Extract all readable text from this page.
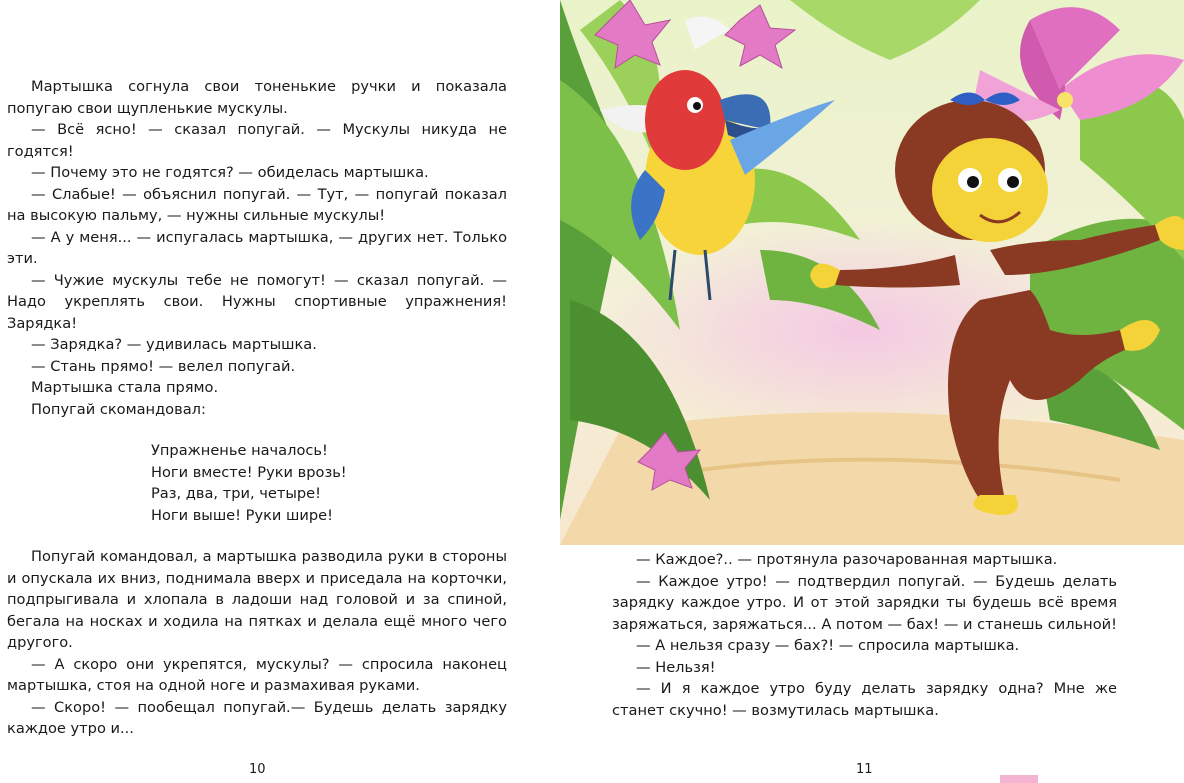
Мартышка согнула свои тоненькие ручки и показала попугаю свои щупленькие мускулы.

— Всё ясно! — сказал попугай. — Мускулы никуда не годятся!

— Почему это не годятся? — обиделась мартышка.

— Слабые! — объяснил попугай. — Тут, — попугай показал на высокую пальму, — нужны сильные мускулы!

— А у меня... — испугалась мартышка, — других нет. Только эти.

— Чужие мускулы тебе не помогут! — сказал попугай. — Надо укреплять свои. Нужны спортивные упражнения! Зарядка!

— Зарядка? — удивилась мартышка.

— Стань прямо! — велел попугай.

Мартышка стала прямо.

Попугай скомандовал:

Упражненье началось!
Ноги вместе! Руки врозь!
Раз, два, три, четыре!
Ноги выше! Руки шире!

Попугай командовал, а мартышка разводила руки в стороны и опускала их вниз, поднимала вверх и приседала на корточки, подпрыгивала и хлопала в ладоши над головой и за спиной, бегала на носках и ходила на пятках и делала ещё много чего другого.

— А скоро они укрепятся, мускулы? — спросила наконец мартышка, стоя на одной ноге и размахивая руками.

— Скоро! — пообещал попугай.— Будешь делать зарядку каждое утро и...

10

— Каждое?.. — протянула разочарованная мартышка.

— Каждое утро! — подтвердил попугай. — Будешь делать зарядку каждое утро. И от этой зарядки ты будешь всё время заряжаться, заряжаться... А потом — бах! — и станешь сильной!

— А нельзя сразу — бах?! — спросила мартышка.

— Нельзя!

— И я каждое утро буду делать зарядку одна? Мне же станет скучно! — возмутилась мартышка.

11
